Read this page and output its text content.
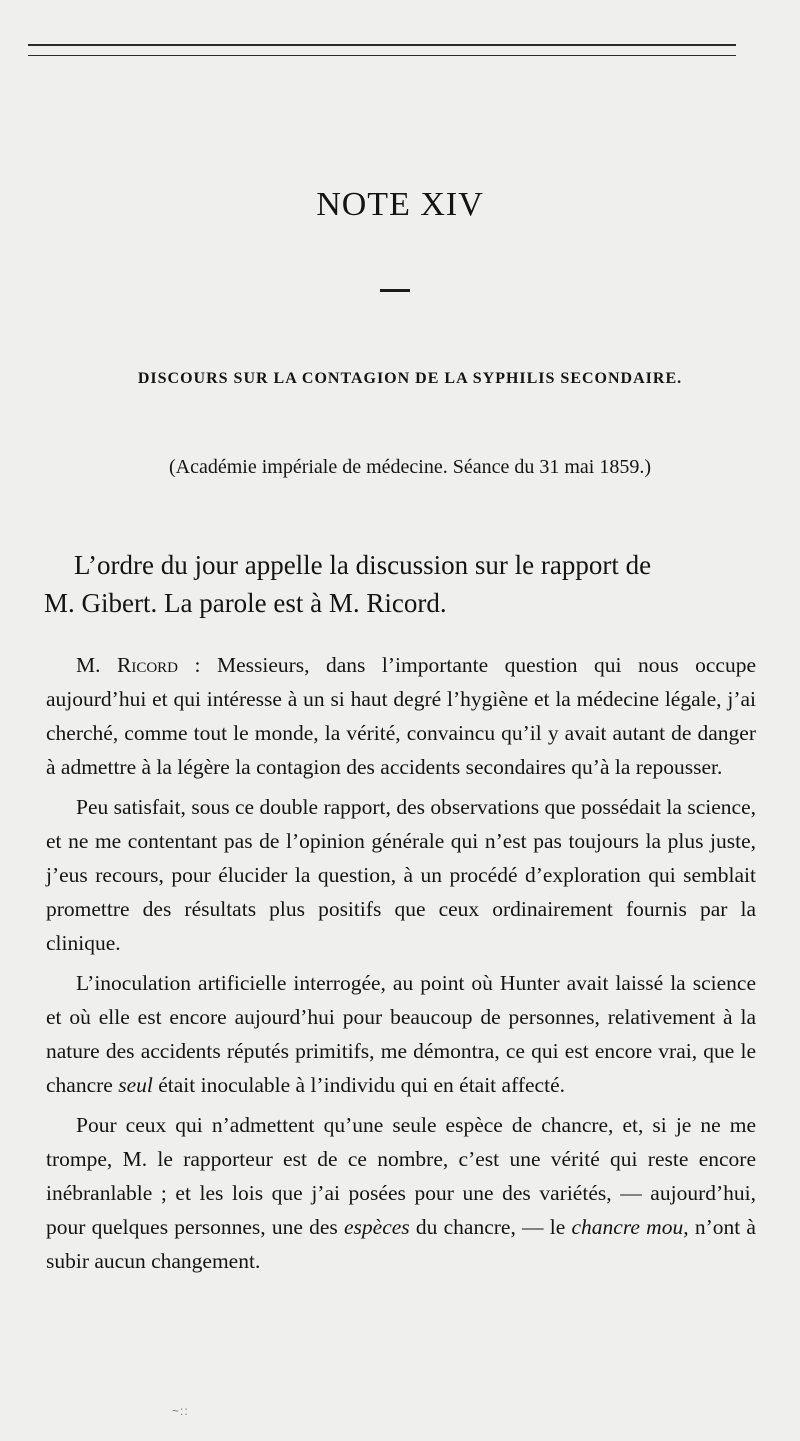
NOTE XIV
DISCOURS SUR LA CONTAGION DE LA SYPHILIS SECONDAIRE.
(Académie impériale de médecine. Séance du 31 mai 1859.)
L’ordre du jour appelle la discussion sur le rapport de
M. Gibert. La parole est à M. Ricord.

M. Ricord : Messieurs, dans l’importante question qui nous occupe aujourd’hui et qui intéresse à un si haut degré l’hygiène et la médecine légale, j’ai cherché, comme tout le monde, la vérité, convaincu qu’il y avait autant de danger à admettre à la légère la contagion des accidents secondaires qu’à la repousser.

Peu satisfait, sous ce double rapport, des observations que possédait la science, et ne me contentant pas de l’opinion générale qui n’est pas toujours la plus juste, j’eus recours, pour élucider la question, à un procédé d’exploration qui semblait promettre des résultats plus positifs que ceux ordinairement fournis par la clinique.

L’inoculation artificielle interrogée, au point où Hunter avait laissé la science et où elle est encore aujourd’hui pour beaucoup de personnes, relativement à la nature des accidents réputés primitifs, me démontra, ce qui est encore vrai, que le chancre seul était inoculable à l’individu qui en était affecté.

Pour ceux qui n’admettent qu’une seule espèce de chancre, et, si je ne me trompe, M. le rapporteur est de ce nombre, c’est une vérité qui reste encore inébranlable ; et les lois que j’ai posées pour une des variétés, — aujourd’hui, pour quelques personnes, une des espèces du chancre, — le chancre mou, n’ont à subir aucun changement.

~::
